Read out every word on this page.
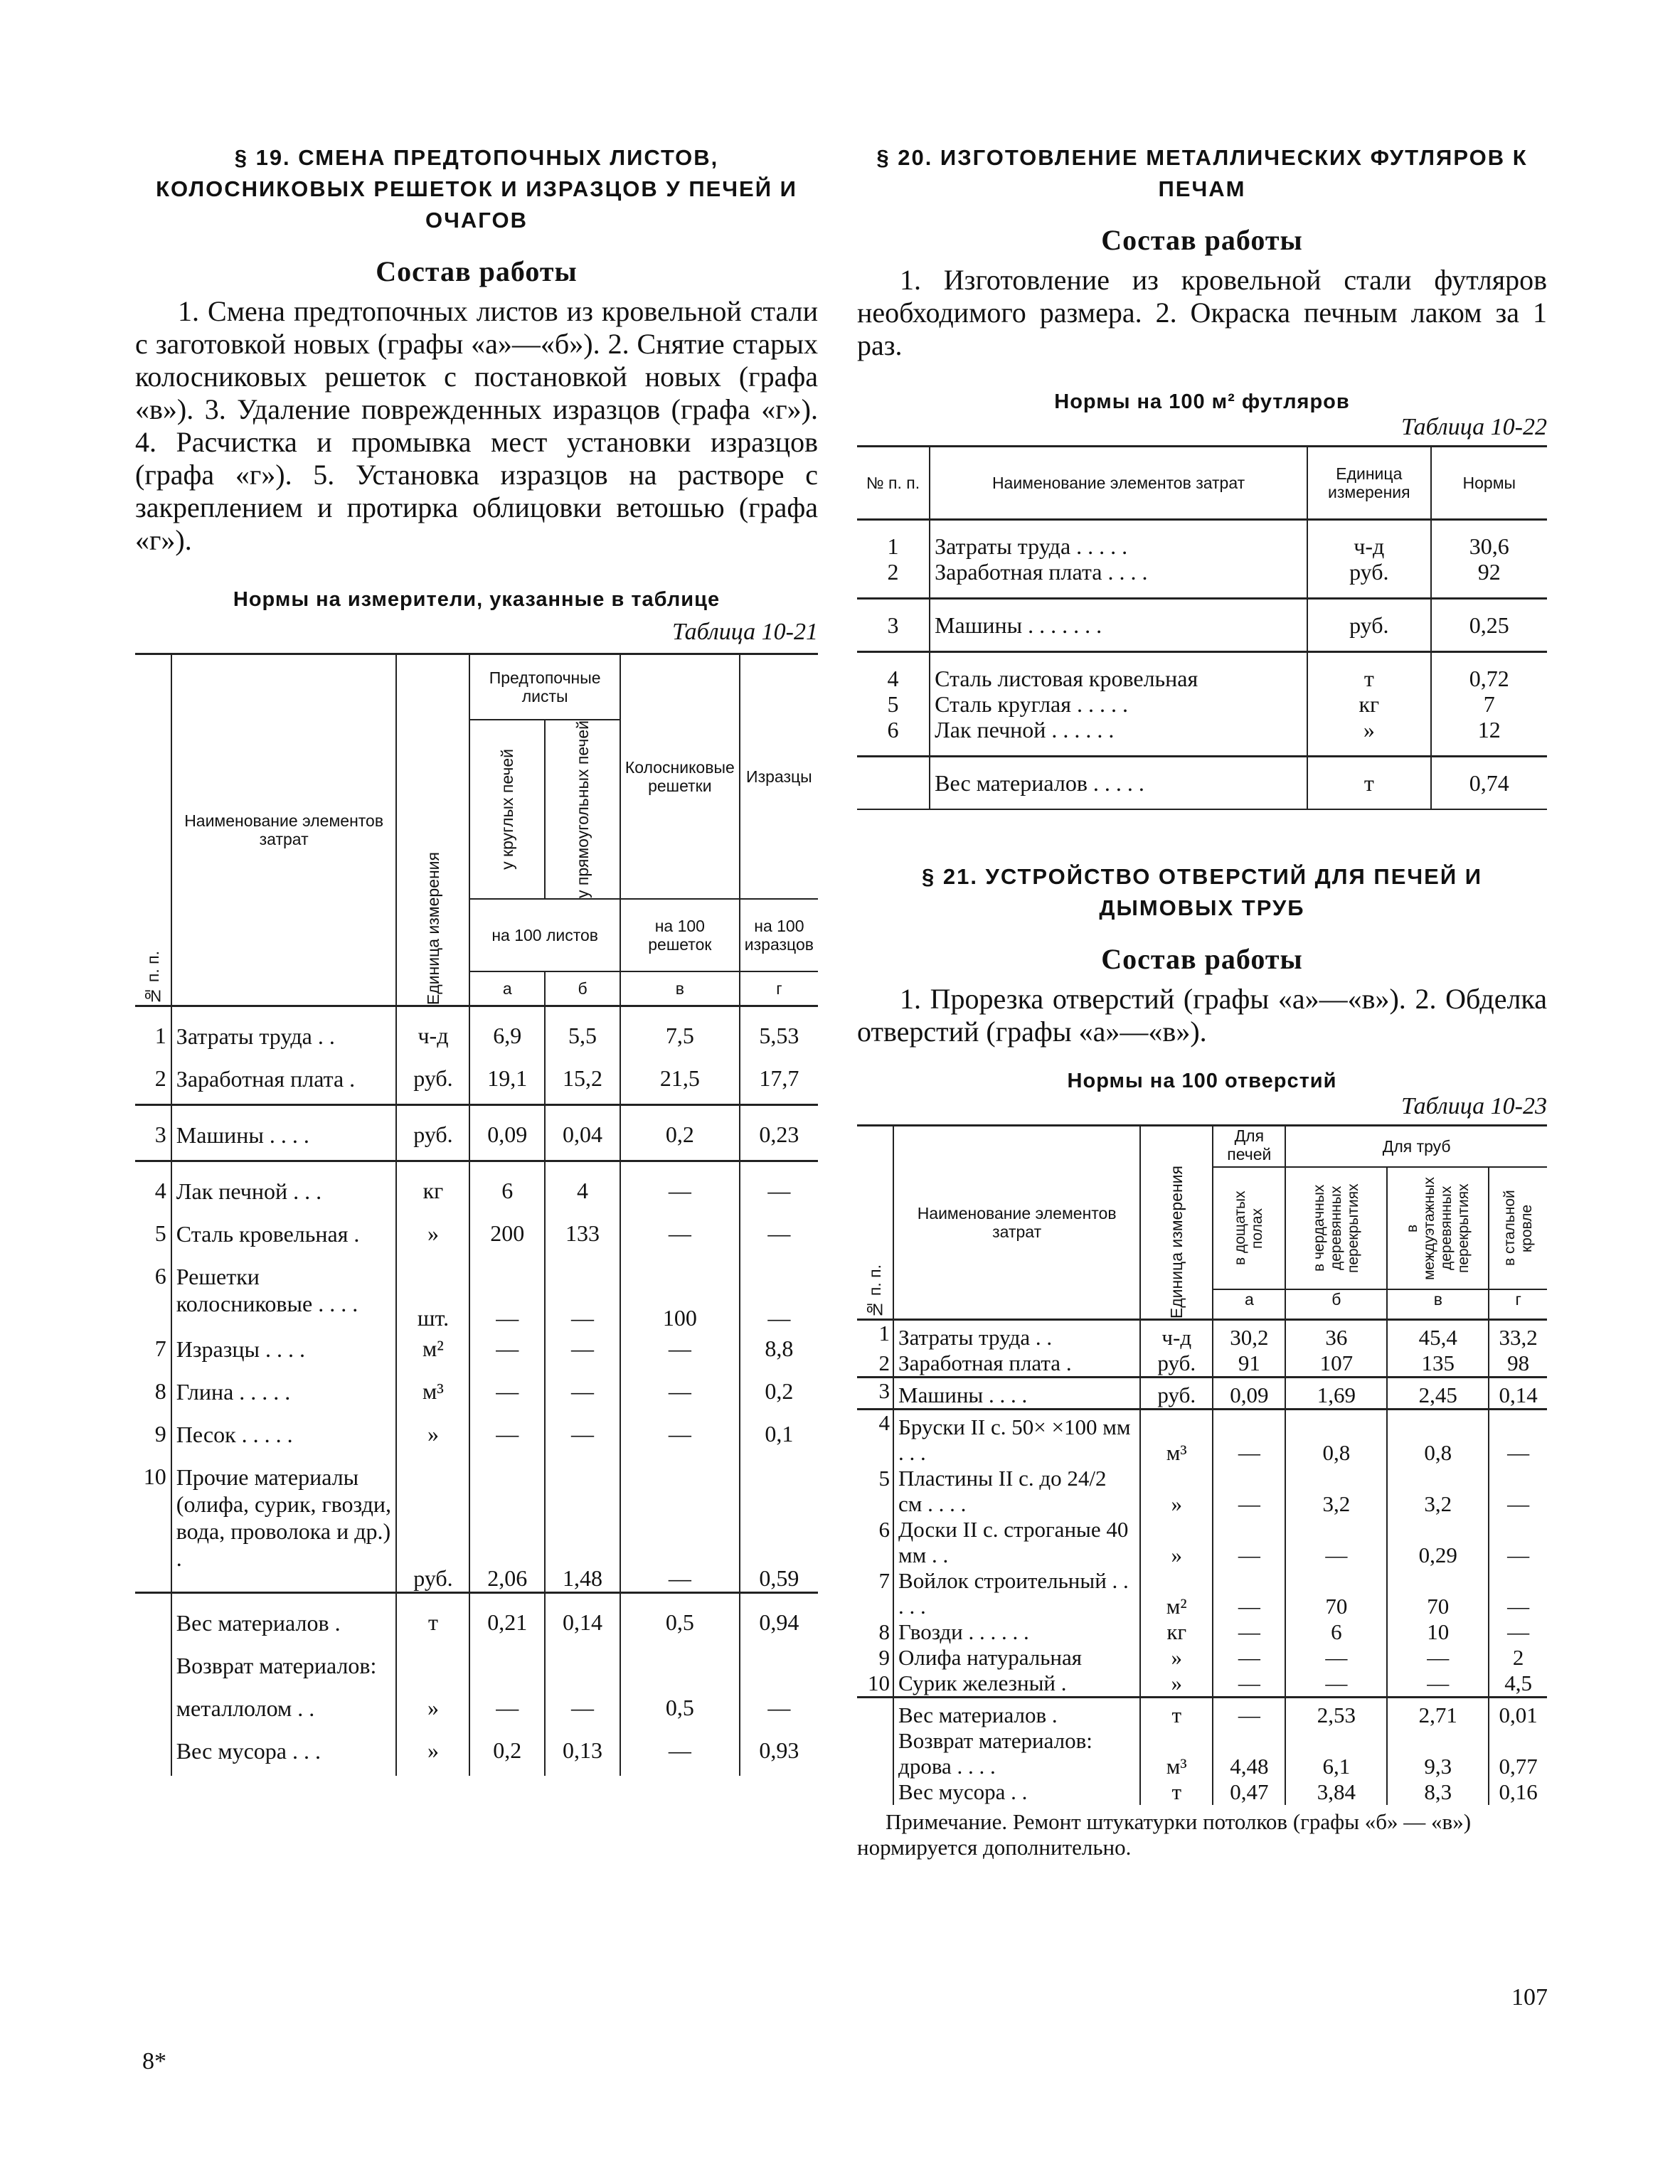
§ 19. СМЕНА ПРЕДТОПОЧНЫХ ЛИСТОВ, КОЛОСНИКОВЫХ РЕШЕТОК И ИЗРАЗЦОВ У ПЕЧЕЙ И ОЧАГОВ
Состав работы

1. Смена предтопочных листов из кровельной стали с заготовкой новых (графы «а»—«б»). 2. Снятие старых колосниковых решеток с постановкой новых (графа «в»). 3. Удаление поврежденных изразцов (графа «г»). 4. Расчистка и промывка мест установки изразцов (графа «г»). 5. Установка изразцов на растворе с закреплением и протирка облицовки ветошью (графа «г»).

Нормы на измерители, указанные в таблице

Таблица 10-21

№ п. п.	Наименование элементов затрат	Единица измерения	Предтопочные листы		Колосниковые решетки	Изразцы

			у круглых печей	у прямоугольных печей		

			на 100 листов		на 100 решеток	на 100 изразцов
			а	б	в	г
1	Затраты труда . .	ч-д	6,9	5,5	7,5	5,53
2	Заработная плата .	руб.	19,1	15,2	21,5	17,7
3	Машины . . . .	руб.	0,09	0,04	0,2	0,23
4	Лак печной . . .	кг	6	4	—	—
5	Сталь кровельная .	»	200	133	—	—
6	Решетки колосниковые . . . .	шт.	—	—	100	—
7	Изразцы . . . .	м²	—	—	—	8,8
8	Глина . . . . .	м³	—	—	—	0,2
9	Песок . . . . .	»	—	—	—	0,1
10	Прочие материалы (олифа, сурик, гвозди, вода, проволока и др.) .	руб.	2,06	1,48	—	0,59
	Вес материалов .	т	0,21	0,14	0,5	0,94
	Возврат материалов:					
	металлолом . .	»	—	—	0,5	—
	Вес мусора . . .	»	0,2	0,13	—	0,93
8*
§ 20. ИЗГОТОВЛЕНИЕ МЕТАЛЛИЧЕСКИХ ФУТЛЯРОВ К ПЕЧАМ
Состав работы

1. Изготовление из кровельной стали футляров необходимого размера. 2. Окраска печным лаком за 1 раз.

Нормы на 100 м² футляров

Таблица 10-22

№ п. п.	Наименование элементов затрат	Единица измерения	Нормы
1	Затраты труда . . . . .	ч-д	30,6
2	Заработная плата . . . .	руб.	92
3	Машины . . . . . . .	руб.	0,25
4	Сталь листовая кровельная	т	0,72
5	Сталь круглая . . . . .	кг	7
6	Лак печной . . . . . .	»	12
	Вес материалов . . . . .	т	0,74
§ 21. УСТРОЙСТВО ОТВЕРСТИЙ ДЛЯ ПЕЧЕЙ И ДЫМОВЫХ ТРУБ
Состав работы

1. Прорезка отверстий (графы «а»—«в»). 2. Обделка отверстий (графы «а»—«в»).

Нормы на 100 отверстий

Таблица 10-23

№ п. п.	Наименование элементов затрат	Единица измерения	Для печей	Для труб		

			в дощатых полах	в чердачных деревянных перекрытиях	в междуэтажных деревянных перекрытиях	в стальной кровле

			а	б	в	г
1	Затраты труда . .	ч-д	30,2	36	45,4	33,2
2	Заработная плата .	руб.	91	107	135	98
3	Машины . . . .	руб.	0,09	1,69	2,45	0,14
4	Бруски II с. 50× ×100 мм . . .	м³	—	0,8	0,8	—
5	Пластины II с. до 24/2 см . . . .	»	—	3,2	3,2	—
6	Доски II с. строганые 40 мм . .	»	—	—	0,29	—
7	Войлок строительный . . . . .	м²	—	70	70	—
8	Гвозди . . . . . .	кг	—	6	10	—
9	Олифа натуральная	»	—	—	—	2
10	Сурик железный .	»	—	—	—	4,5
	Вес материалов .	т	—	2,53	2,71	0,01
	Возврат материалов:					
	дрова . . . .	м³	4,48	6,1	9,3	0,77
	Вес мусора . .	т	0,47	3,84	8,3	0,16

Примечание. Ремонт штукатурки потолков (графы «б» — «в») нормируется дополнительно.

107
